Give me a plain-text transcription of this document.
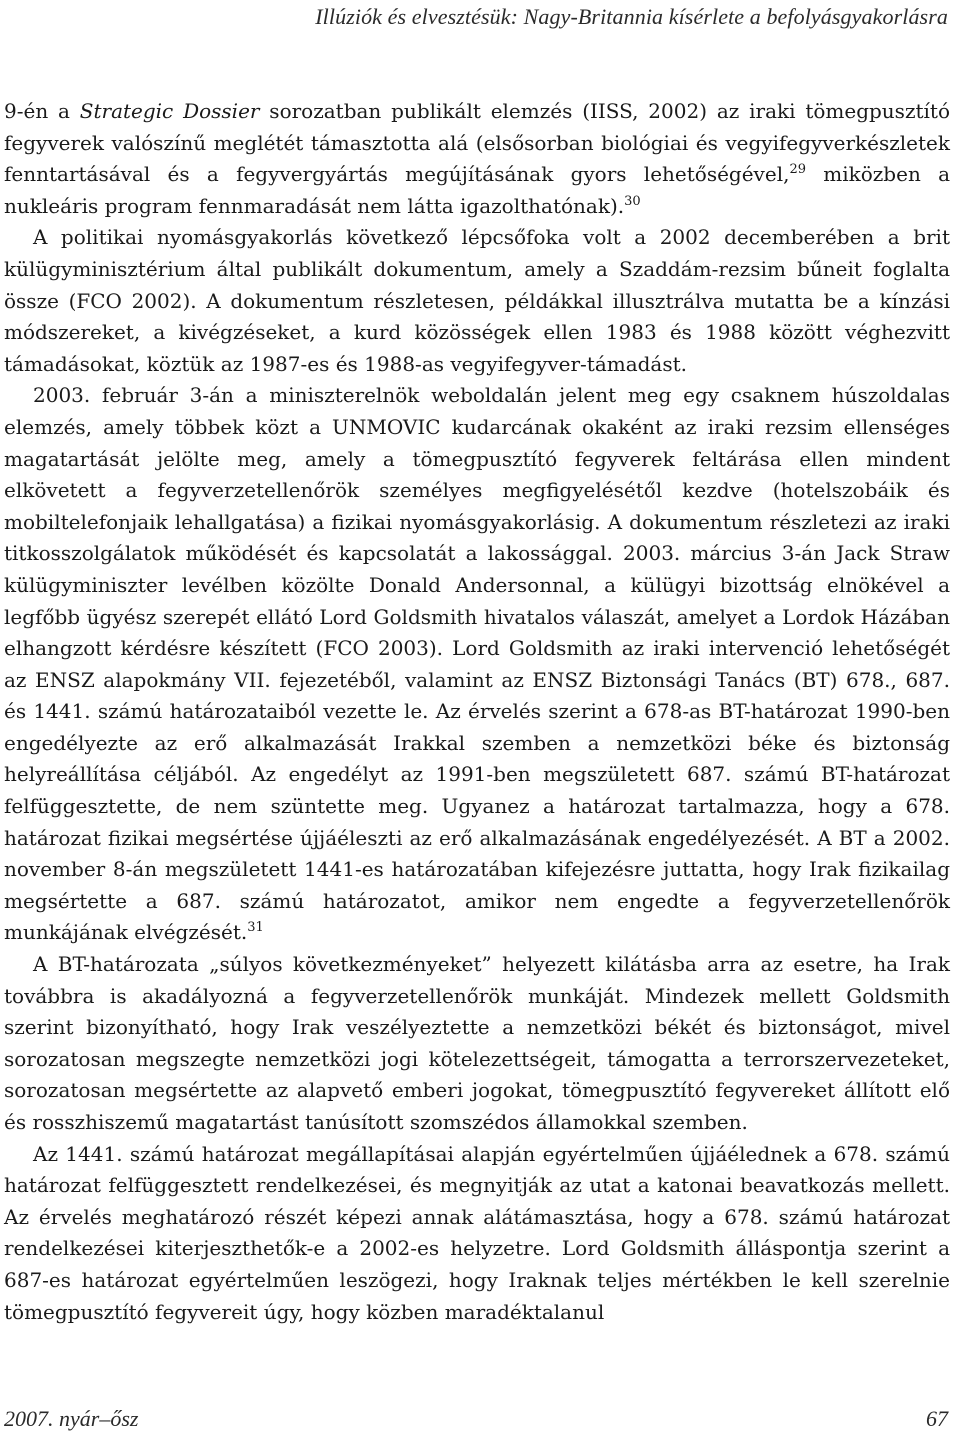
Illúziók és elvesztésük: Nagy-Britannia kísérlete a befolyásgyakorlásra

9-én a Strategic Dossier sorozatban publikált elemzés (IISS, 2002) az iraki tömegpusztító fegyverek valószínű meglétét támasztotta alá (elsősorban biológiai és vegyifegyverkészletek fenntartásával és a fegyvergyártás megújításának gyors lehetőségével,$^{29}$ miközben a nukleáris program fennmaradását nem látta igazolthatónak).$^{30}$

A politikai nyomásgyakorlás következő lépcsőfoka volt a 2002 decemberében a brit külügyminisztérium által publikált dokumentum, amely a Szaddám-rezsim bűneit foglalta össze (FCO 2002). A dokumentum részletesen, példákkal illusztrálva mutatta be a kínzási módszereket, a kivégzéseket, a kurd közösségek ellen 1983 és 1988 között véghezvitt támadásokat, köztük az 1987-es és 1988-as vegyifegyver-támadást.

2003. február 3-án a miniszterelnök weboldalán jelent meg egy csaknem húszoldalas elemzés, amely többek közt a UNMOVIC kudarcának okaként az iraki rezsim ellenséges magatartását jelölte meg, amely a tömegpusztító fegyverek feltárása ellen mindent elkövetett a fegyverzetellenőrök személyes megfigyelésétől kezdve (hotelszobáik és mobiltelefonjaik lehallgatása) a fizikai nyomásgyakorlásig. A dokumentum részletezi az iraki titkosszolgálatok működését és kapcsolatát a lakossággal. 2003. március 3-án Jack Straw külügyminiszter levélben közölte Donald Andersonnal, a külügyi bizottság elnökével a legfőbb ügyész szerepét ellátó Lord Goldsmith hivatalos válaszát, amelyet a Lordok Házában elhangzott kérdésre készített (FCO 2003). Lord Goldsmith az iraki intervenció lehetőségét az ENSZ alapokmány VII. fejezetéből, valamint az ENSZ Biztonsági Tanács (BT) 678., 687. és 1441. számú határozataiból vezette le. Az érvelés szerint a 678-as BT-határozat 1990-ben engedélyezte az erő alkalmazását Irakkal szemben a nemzetközi béke és biztonság helyreállítása céljából. Az engedélyt az 1991-ben megszületett 687. számú BT-határozat felfüggesztette, de nem szüntette meg. Ugyanez a határozat tartalmazza, hogy a 678. határozat fizikai megsértése újjáéleszti az erő alkalmazásának engedélyezését. A BT a 2002. november 8-án megszületett 1441-es határozatában kifejezésre juttatta, hogy Irak fizikailag megsértette a 687. számú határozatot, amikor nem engedte a fegyverzetellenőrök munkájának elvégzését.$^{31}$

A BT-határozata „súlyos következményeket” helyezett kilátásba arra az esetre, ha Irak továbbra is akadályozná a fegyverzetellenőrök munkáját. Mindezek mellett Goldsmith szerint bizonyítható, hogy Irak veszélyeztette a nemzetközi békét és biztonságot, mivel sorozatosan megszegte nemzetközi jogi kötelezettségeit, támogatta a terrorszervezeteket, sorozatosan megsértette az alapvető emberi jogokat, tömegpusztító fegyvereket állított elő és rosszhiszemű magatartást tanúsított szomszédos államokkal szemben.

Az 1441. számú határozat megállapításai alapján egyértelműen újjáélednek a 678. számú határozat felfüggesztett rendelkezései, és megnyitják az utat a katonai beavatkozás mellett. Az érvelés meghatározó részét képezi annak alátámasztása, hogy a 678. számú határozat rendelkezései kiterjeszthetők-e a 2002-es helyzetre. Lord Goldsmith álláspontja szerint a 687-es határozat egyértelműen leszögezi, hogy Iraknak teljes mértékben le kell szerelnie tömegpusztító fegyvereit úgy, hogy közben maradéktalanul

2007. nyár–ősz	67
